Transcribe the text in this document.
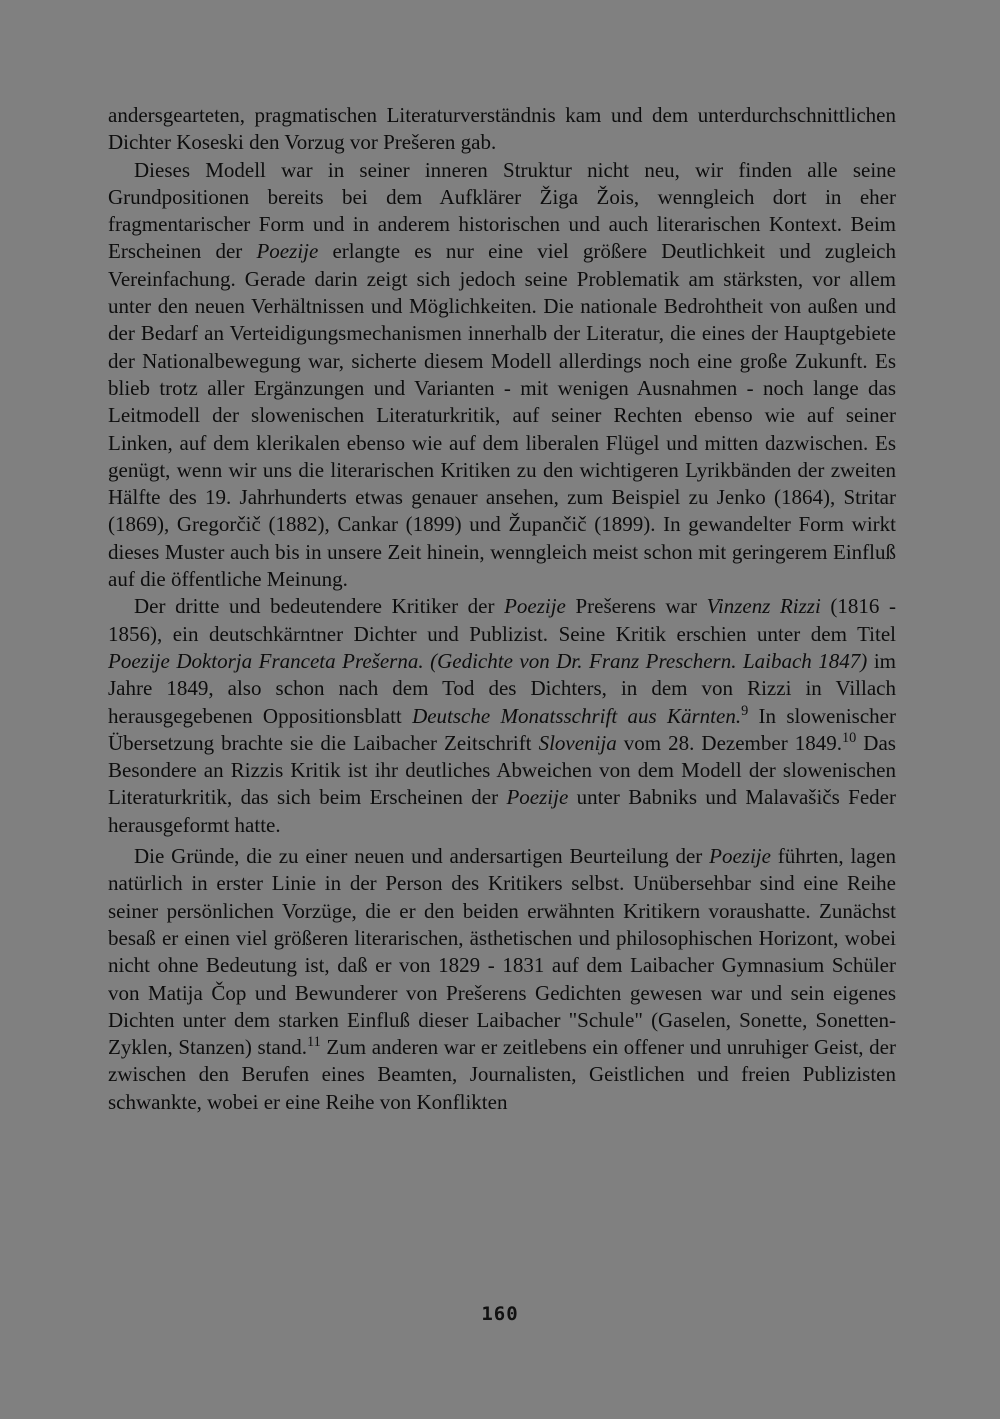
andersgearteten, pragmatischen Literaturverständnis kam und dem unterdurchschnittlichen Dichter Koseski den Vorzug vor Prešeren gab.

Dieses Modell war in seiner inneren Struktur nicht neu, wir finden alle seine Grundpositionen bereits bei dem Aufklärer Žiga Žois, wenngleich dort in eher fragmentarischer Form und in anderem historischen und auch literarischen Kontext. Beim Erscheinen der Poezije erlangte es nur eine viel größere Deutlichkeit und zugleich Vereinfachung. Gerade darin zeigt sich jedoch seine Problematik am stärksten, vor allem unter den neuen Verhältnissen und Möglichkeiten. Die nationale Bedrohtheit von außen und der Bedarf an Verteidigungsmechanismen innerhalb der Literatur, die eines der Hauptgebiete der Nationalbewegung war, sicherte diesem Modell allerdings noch eine große Zukunft. Es blieb trotz aller Ergänzungen und Varianten - mit wenigen Ausnahmen - noch lange das Leitmodell der slowenischen Literaturkritik, auf seiner Rechten ebenso wie auf seiner Linken, auf dem klerikalen ebenso wie auf dem liberalen Flügel und mitten dazwischen. Es genügt, wenn wir uns die literarischen Kritiken zu den wichtigeren Lyrikbänden der zweiten Hälfte des 19. Jahrhunderts etwas genauer ansehen, zum Beispiel zu Jenko (1864), Stritar (1869), Gregorčič (1882), Cankar (1899) und Župančič (1899). In gewandelter Form wirkt dieses Muster auch bis in unsere Zeit hinein, wenngleich meist schon mit geringerem Einfluß auf die öffentliche Meinung.

Der dritte und bedeutendere Kritiker der Poezije Prešerens war Vinzenz Rizzi (1816 - 1856), ein deutschkärntner Dichter und Publizist. Seine Kritik erschien unter dem Titel Poezije Doktorja Franceta Prešerna. (Gedichte von Dr. Franz Preschern. Laibach 1847) im Jahre 1849, also schon nach dem Tod des Dichters, in dem von Rizzi in Villach herausgegebenen Oppositionsblatt Deutsche Monatsschrift aus Kärnten.$^9$ In slowenischer Übersetzung brachte sie die Laibacher Zeitschrift Slovenija vom 28. Dezember 1849.10 Das Besondere an Rizzis Kritik ist ihr deutliches Abweichen von dem Modell der slowenischen Literaturkritik, das sich beim Erscheinen der Poezije unter Babniks und Malavašičs Feder herausgeformt hatte.

Die Gründe, die zu einer neuen und andersartigen Beurteilung der Poezije führten, lagen natürlich in erster Linie in der Person des Kritikers selbst. Unübersehbar sind eine Reihe seiner persönlichen Vorzüge, die er den beiden erwähnten Kritikern voraushatte. Zunächst besaß er einen viel größeren literarischen, ästhetischen und philosophischen Horizont, wobei nicht ohne Bedeutung ist, daß er von 1829 - 1831 auf dem Laibacher Gymnasium Schüler von Matija Čop und Bewunderer von Prešerens Gedichten gewesen war und sein eigenes Dichten unter dem starken Einfluß dieser Laibacher "Schule" (Gaselen, Sonette, Sonetten-Zyklen, Stanzen) stand.$^{11}$ Zum anderen war er zeitlebens ein offener und unruhiger Geist, der zwischen den Berufen eines Beamten, Journalisten, Geistlichen und freien Publizisten schwankte, wobei er eine Reihe von Konflikten

160
